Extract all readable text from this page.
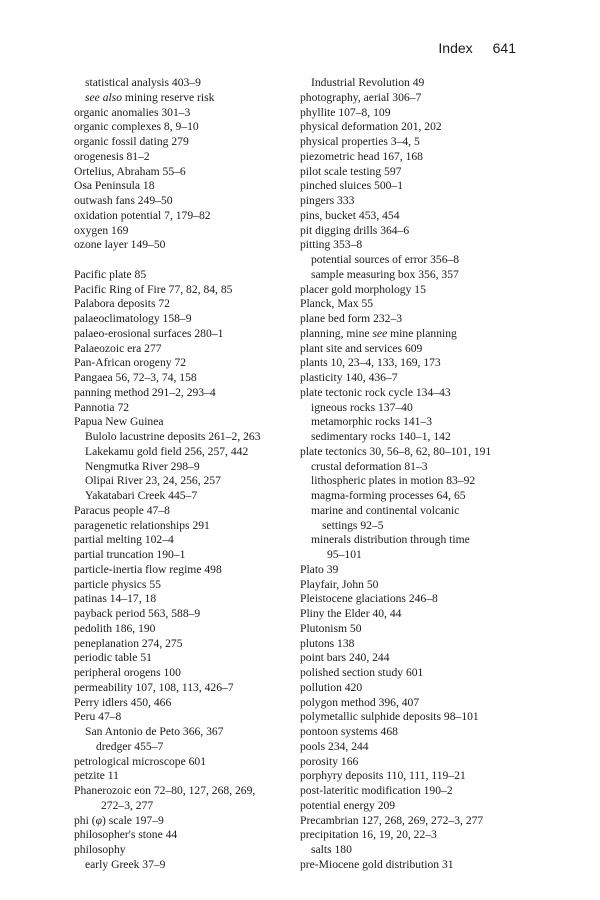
Index 641
statistical analysis 403–9
see also mining reserve risk
organic anomalies 301–3
organic complexes 8, 9–10
organic fossil dating 279
orogenesis 81–2
Ortelius, Abraham 55–6
Osa Peninsula 18
outwash fans 249–50
oxidation potential 7, 179–82
oxygen 169
ozone layer 149–50
Pacific plate 85
Pacific Ring of Fire 77, 82, 84, 85
Palabora deposits 72
palaeoclimatology 158–9
palaeo-erosional surfaces 280–1
Palaeozoic era 277
Pan-African orogeny 72
Pangaea 56, 72–3, 74, 158
panning method 291–2, 293–4
Pannotia 72
Papua New Guinea
Bulolo lacustrine deposits 261–2, 263
Lakekamu gold field 256, 257, 442
Nengmutka River 298–9
Olipai River 23, 24, 256, 257
Yakatabari Creek 445–7
Paracus people 47–8
paragenetic relationships 291
partial melting 102–4
partial truncation 190–1
particle-inertia flow regime 498
particle physics 55
patinas 14–17, 18
payback period 563, 588–9
pedolith 186, 190
peneplanation 274, 275
periodic table 51
peripheral orogens 100
permeability 107, 108, 113, 426–7
Perry idlers 450, 466
Peru 47–8
San Antonio de Peto 366, 367
dredger 455–7
petrological microscope 601
petzite 11
Phanerozoic eon 72–80, 127, 268, 269,
272–3, 277
phi (φ) scale 197–9
philosopher's stone 44
philosophy
early Greek 37–9
Industrial Revolution 49
photography, aerial 306–7
phyllite 107–8, 109
physical deformation 201, 202
physical properties 3–4, 5
piezometric head 167, 168
pilot scale testing 597
pinched sluices 500–1
pingers 333
pins, bucket 453, 454
pit digging drills 364–6
pitting 353–8
potential sources of error 356–8
sample measuring box 356, 357
placer gold morphology 15
Planck, Max 55
plane bed form 232–3
planning, mine see mine planning
plant site and services 609
plants 10, 23–4, 133, 169, 173
plasticity 140, 436–7
plate tectonic rock cycle 134–43
igneous rocks 137–40
metamorphic rocks 141–3
sedimentary rocks 140–1, 142
plate tectonics 30, 56–8, 62, 80–101, 191
crustal deformation 81–3
lithospheric plates in motion 83–92
magma-forming processes 64, 65
marine and continental volcanic
settings 92–5
minerals distribution through time
95–101
Plato 39
Playfair, John 50
Pleistocene glaciations 246–8
Pliny the Elder 40, 44
Plutonism 50
plutons 138
point bars 240, 244
polished section study 601
pollution 420
polygon method 396, 407
polymetallic sulphide deposits 98–101
pontoon systems 468
pools 234, 244
porosity 166
porphyry deposits 110, 111, 119–21
post-lateritic modification 190–2
potential energy 209
Precambrian 127, 268, 269, 272–3, 277
precipitation 16, 19, 20, 22–3
salts 180
pre-Miocene gold distribution 31
